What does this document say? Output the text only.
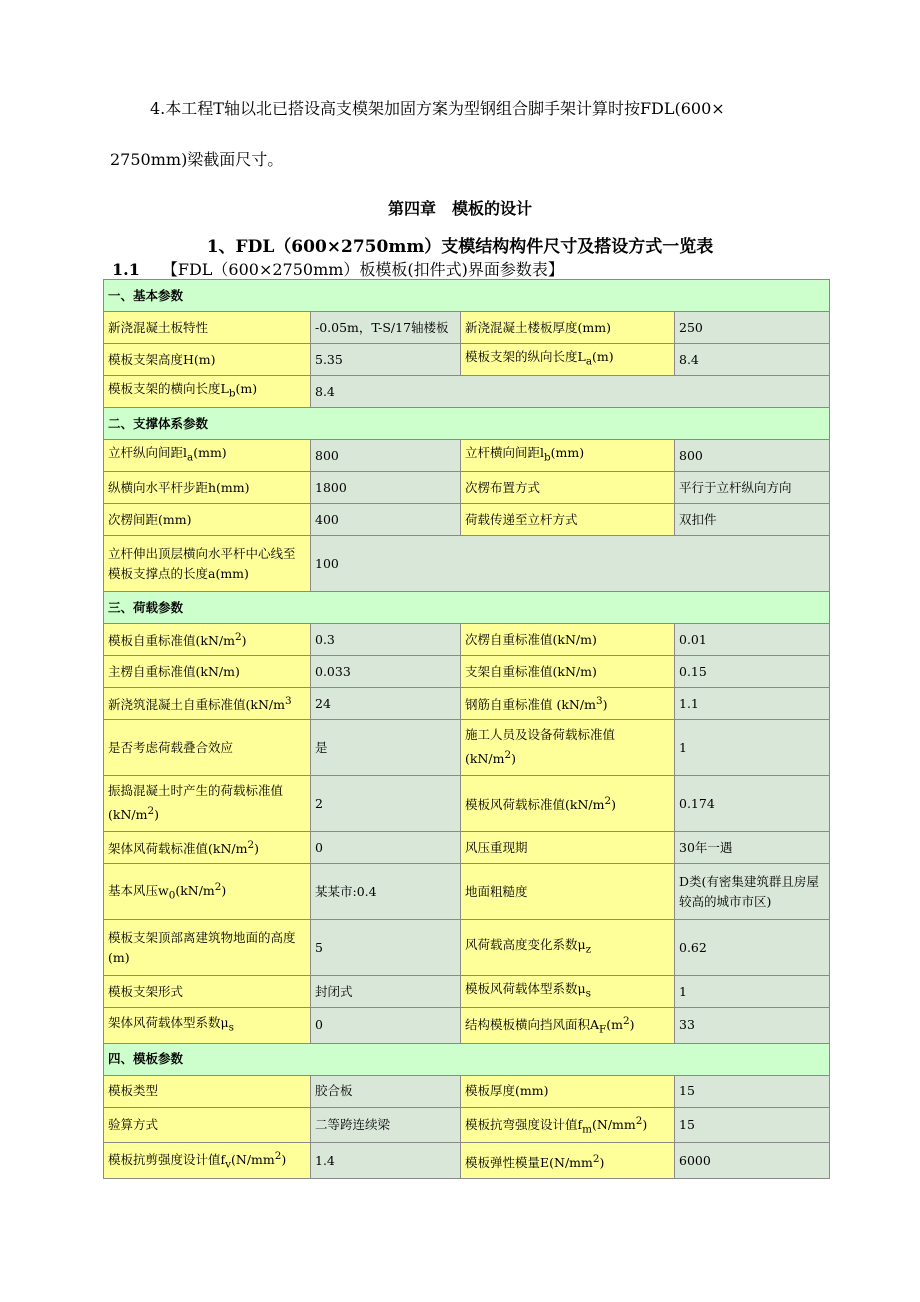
4.本工程T轴以北已搭设高支模架加固方案为型钢组合脚手架计算时按FDL(600×
2750mm)梁截面尺寸。
第四章　模板的设计
1、FDL（600×2750mm）支模结构构件尺寸及搭设方式一览表
1.1 【FDL（600×2750mm）板模板(扣件式)界面参数表】
一、基本参数			
新浇混凝土板特性	-0.05m，T-S/17轴楼板	新浇混凝土楼板厚度(mm)	250
模板支架高度H(m)	5.35	模板支架的纵向长度$L_a(m)$	8.4
模板支架的横向长度$L_b(m)$	8.4		
二、支撑体系参数			
立杆纵向间距$l_a(mm)$	800	立杆横向间距$l_b(mm)$	800
纵横向水平杆步距h(mm)	1800	次楞布置方式	平行于立杆纵向方向
次楞间距(mm)	400	荷载传递至立杆方式	双扣件
立杆伸出顶层横向水平杆中心线至模板支撑点的长度a(mm)	100		
三、荷载参数			
模板自重标准值$(kN/m^2)$	0.3	次楞自重标准值(kN/m)	0.01
主楞自重标准值(kN/m)	0.033	支架自重标准值(kN/m)	0.15
新浇筑混凝土自重标准值($kN/m^3$	24	钢筋自重标准值 $(kN/m^3)$	1.1
是否考虑荷载叠合效应	是	施工人员及设备荷载标准值
$(kN/m^2)$	1
振捣混凝土时产生的荷载标准值
$(kN/m^2)$	2	模板风荷载标准值$(kN/m^2)$	0.174
架体风荷载标准值$(kN/m^2)$	0	风压重现期	30年一遇
基本风压$w_0(kN/m^2)$	某某市:0.4	地面粗糙度	D类(有密集建筑群且房屋较高的城市市区)
模板支架顶部离建筑物地面的高度(m)	5	风荷载高度变化系数$\mu_z$	0.62
模板支架形式	封闭式	模板风荷载体型系数$\mu_s$	1
架体风荷载体型系数$\mu_s$	0	结构模板横向挡风面积$A_F(m^2)$	33
四、模板参数			
模板类型	胶合板	模板厚度(mm)	15
验算方式	二等跨连续梁	模板抗弯强度设计值$f_m(N/mm^2)$	15
模板抗剪强度设计值$f_v(N/mm^2)$	1.4	模板弹性模量$E(N/mm^2)$	6000
